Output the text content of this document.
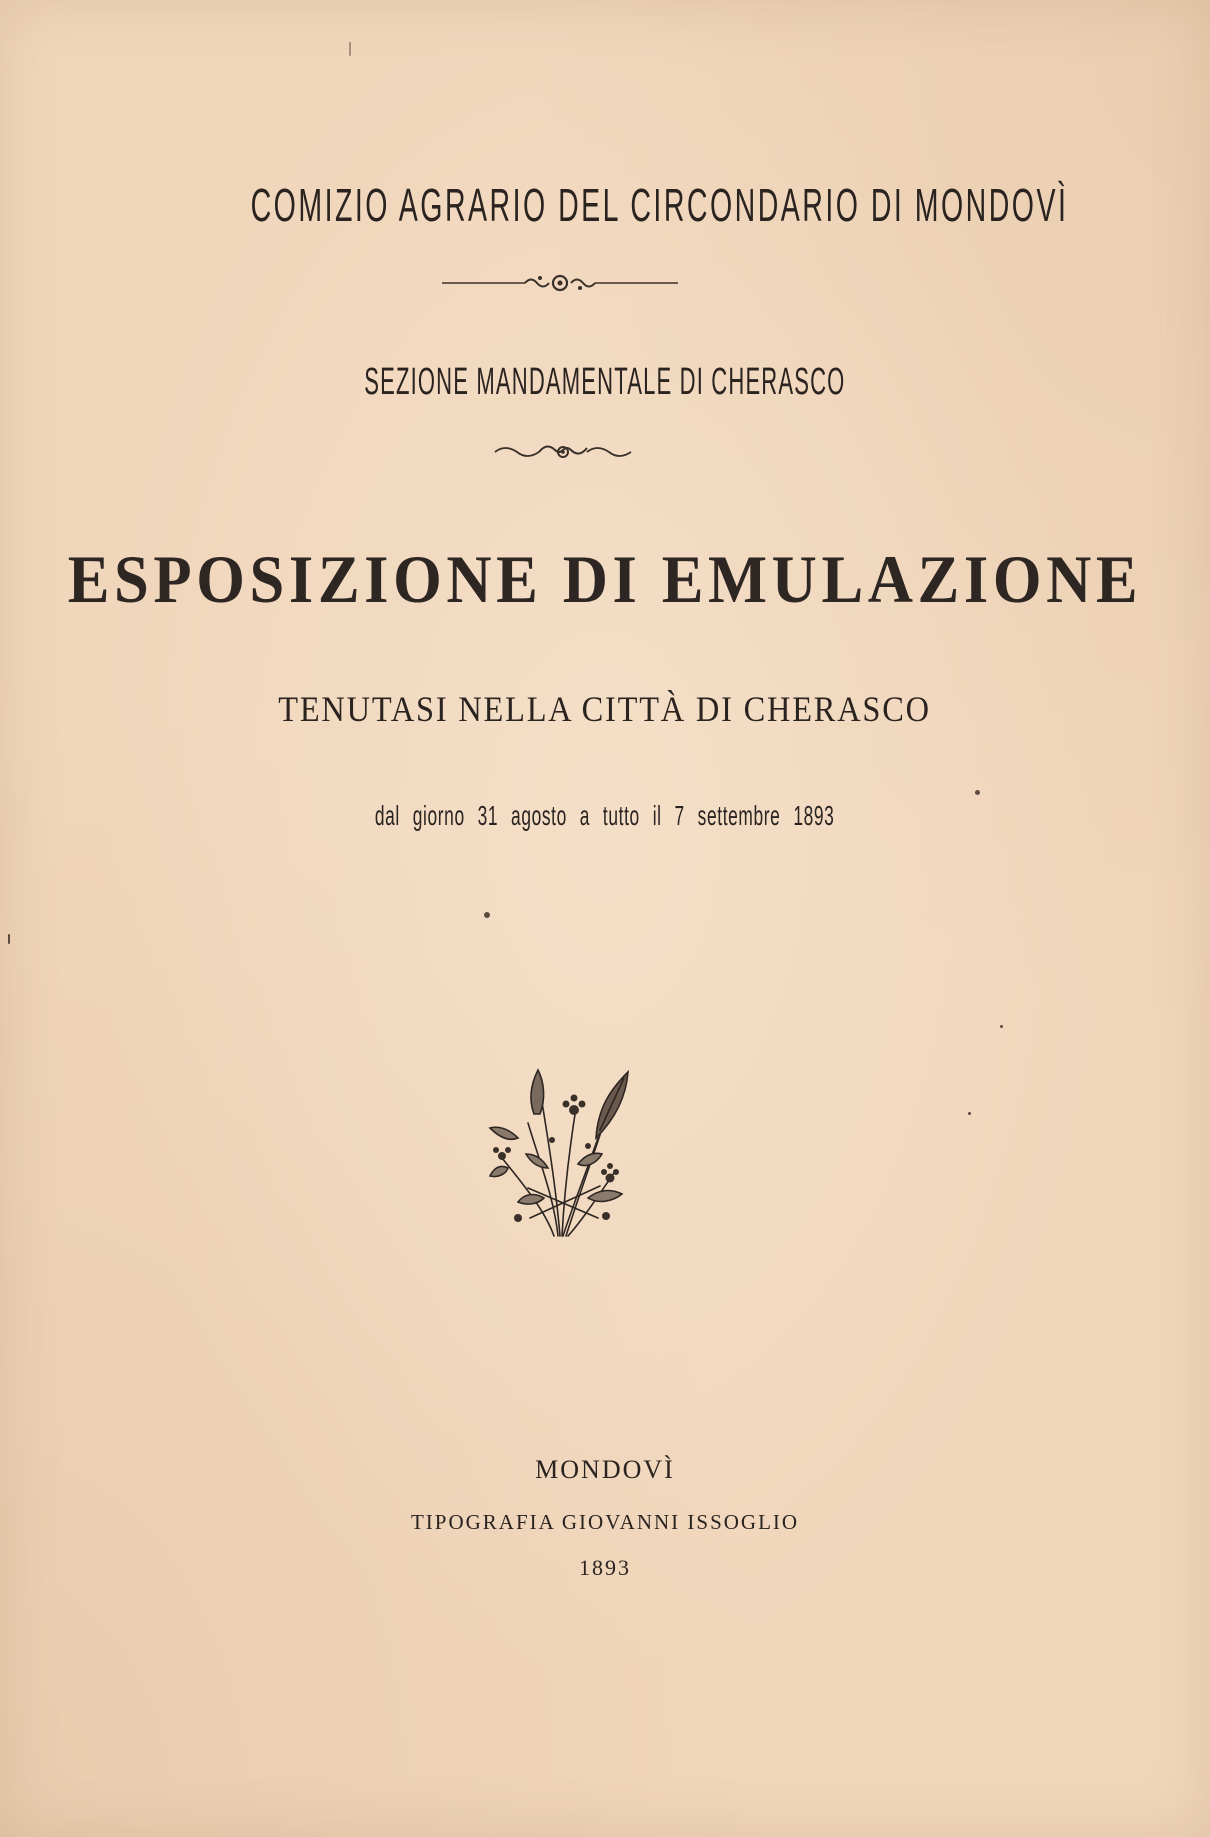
COMIZIO AGRARIO DEL CIRCONDARIO DI MONDOVÌ
SEZIONE MANDAMENTALE DI CHERASCO
ESPOSIZIONE DI EMULAZIONE
TENUTASI NELLA CITTÀ DI CHERASCO
dal giorno 31 agosto a tutto il 7 settembre 1893
MONDOVÌ
TIPOGRAFIA GIOVANNI ISSOGLIO
1893
